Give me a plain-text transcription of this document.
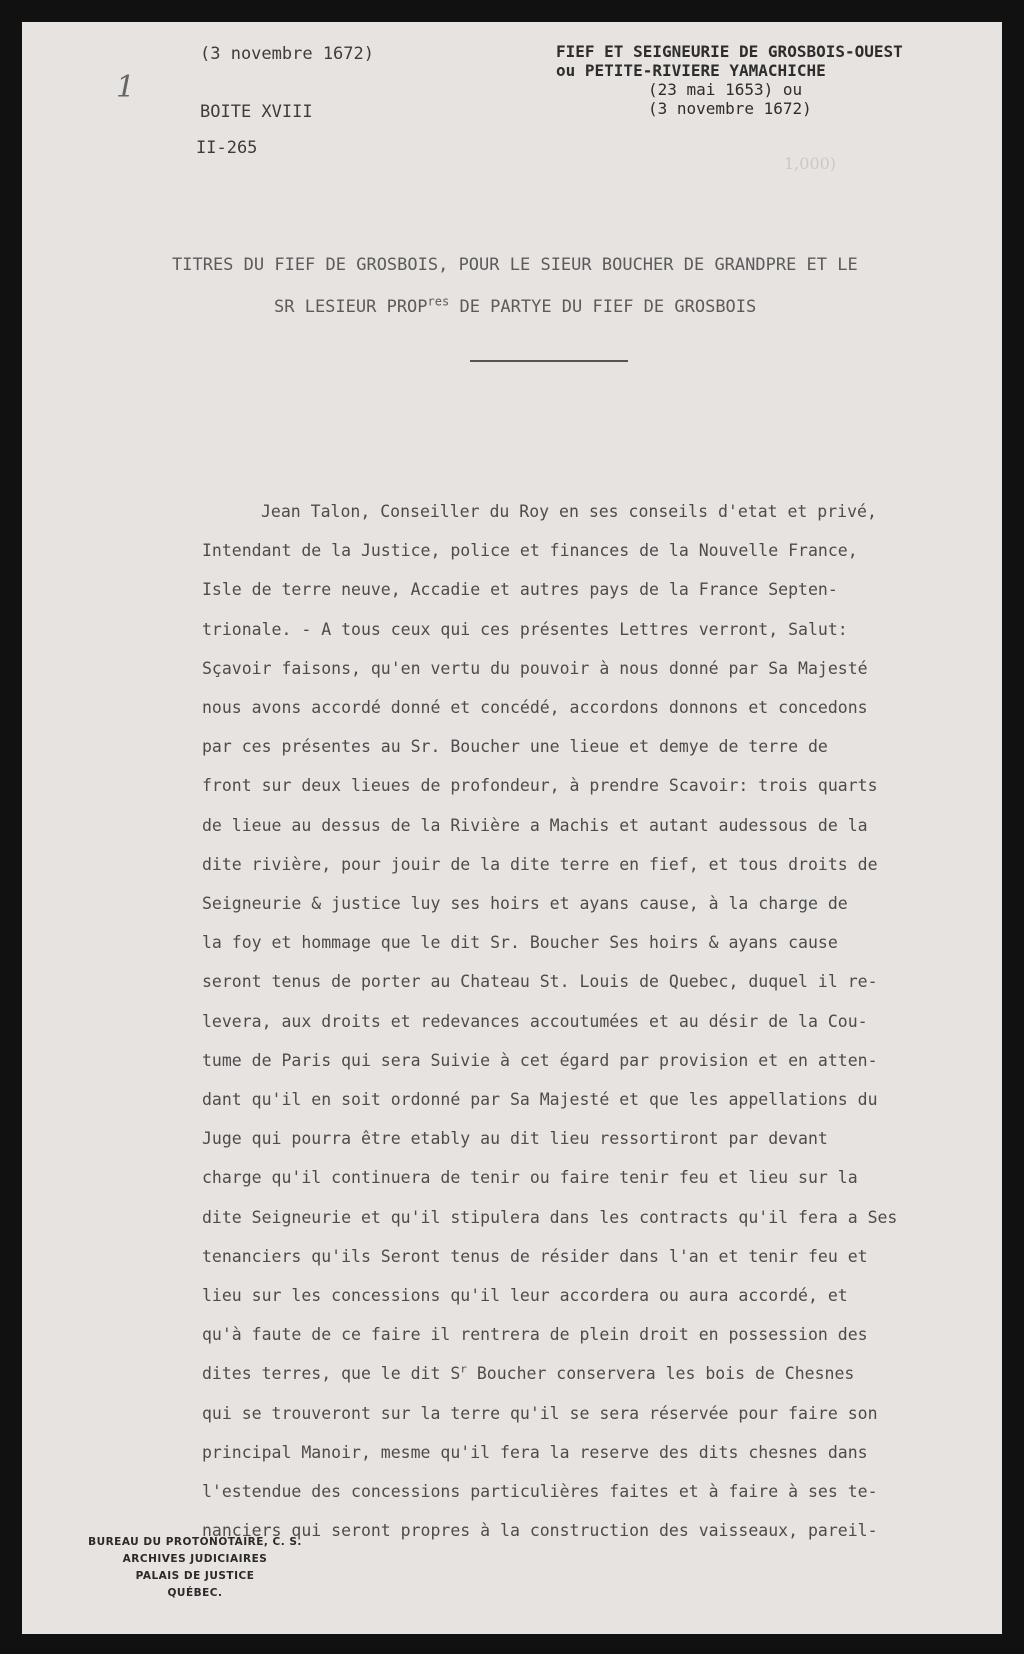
1
(3 novembre 1672)
BOITE XVIII
II-265
FIEF ET SEIGNEURIE DE GROSBOIS-OUEST
ou PETITE-RIVIERE YAMACHICHE
(23 mai 1653) ou
(3 novembre 1672)
1,000)
TITRES DU FIEF DE GROSBOIS, POUR LE SIEUR BOUCHER DE GRANDPRE ET LE
SR LESIEUR $PROP^{res}$ DE PARTYE DU FIEF DE GROSBOIS
Jean Talon, Conseiller du Roy en ses conseils d'etat et privé,
Intendant de la Justice, police et finances de la Nouvelle France,
Isle de terre neuve, Accadie et autres pays de la France Septen-
trionale. - A tous ceux qui ces présentes Lettres verront, Salut:
Sçavoir faisons, qu'en vertu du pouvoir à nous donné par Sa Majesté
nous avons accordé donné et concédé, accordons donnons et concedons
par ces présentes au Sr. Boucher une lieue et demye de terre de
front sur deux lieues de profondeur, à prendre Scavoir: trois quarts
de lieue au dessus de la Rivière a Machis et autant audessous de la
dite rivière, pour jouir de la dite terre en fief, et tous droits de
Seigneurie & justice luy ses hoirs et ayans cause, à la charge de
la foy et hommage que le dit Sr. Boucher Ses hoirs & ayans cause
seront tenus de porter au Chateau St. Louis de Quebec, duquel il re-
levera, aux droits et redevances accoutumées et au désir de la Cou-
tume de Paris qui sera Suivie à cet égard par provision et en atten-
dant qu'il en soit ordonné par Sa Majesté et que les appellations du
Juge qui pourra être etably au dit lieu ressortiront par devant
charge qu'il continuera de tenir ou faire tenir feu et lieu sur la
dite Seigneurie et qu'il stipulera dans les contracts qu'il fera a Ses
tenanciers qu'ils Seront tenus de résider dans l'an et tenir feu et
lieu sur les concessions qu'il leur accordera ou aura accordé, et
qu'à faute de ce faire il rentrera de plein droit en possession des
dites terres, que le dit $S^r$ Boucher conservera les bois de Chesnes
qui se trouveront sur la terre qu'il se sera réservée pour faire son
principal Manoir, mesme qu'il fera la reserve des dits chesnes dans
l'estendue des concessions particulières faites et à faire à ses te-
nanciers qui seront propres à la construction des vaisseaux, pareil-
BUREAU DU PROTONOTAIRE, C. S.
ARCHIVES JUDICIAIRES
PALAIS DE JUSTICE
QUÉBEC.
